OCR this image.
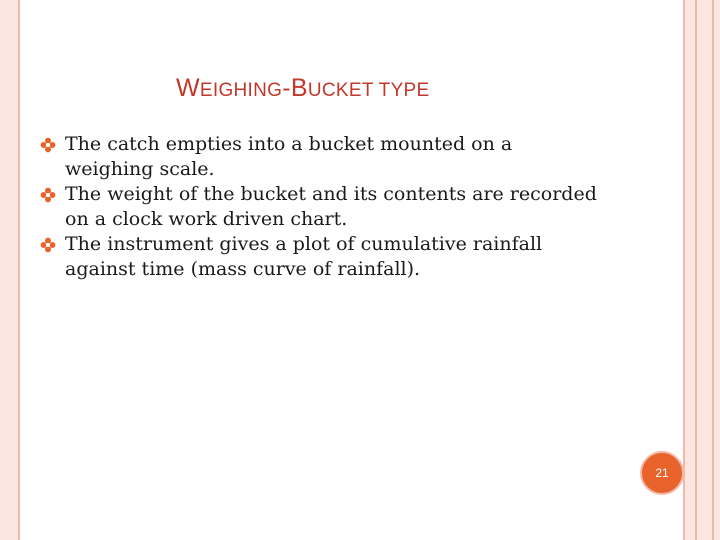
WEIGHING-BUCKET TYPE
The catch empties into a bucket mounted on a weighing scale.
The weight of the bucket and its contents are recorded on a clock work driven chart.
The instrument gives a plot of cumulative rainfall against time (mass curve of rainfall).
21
